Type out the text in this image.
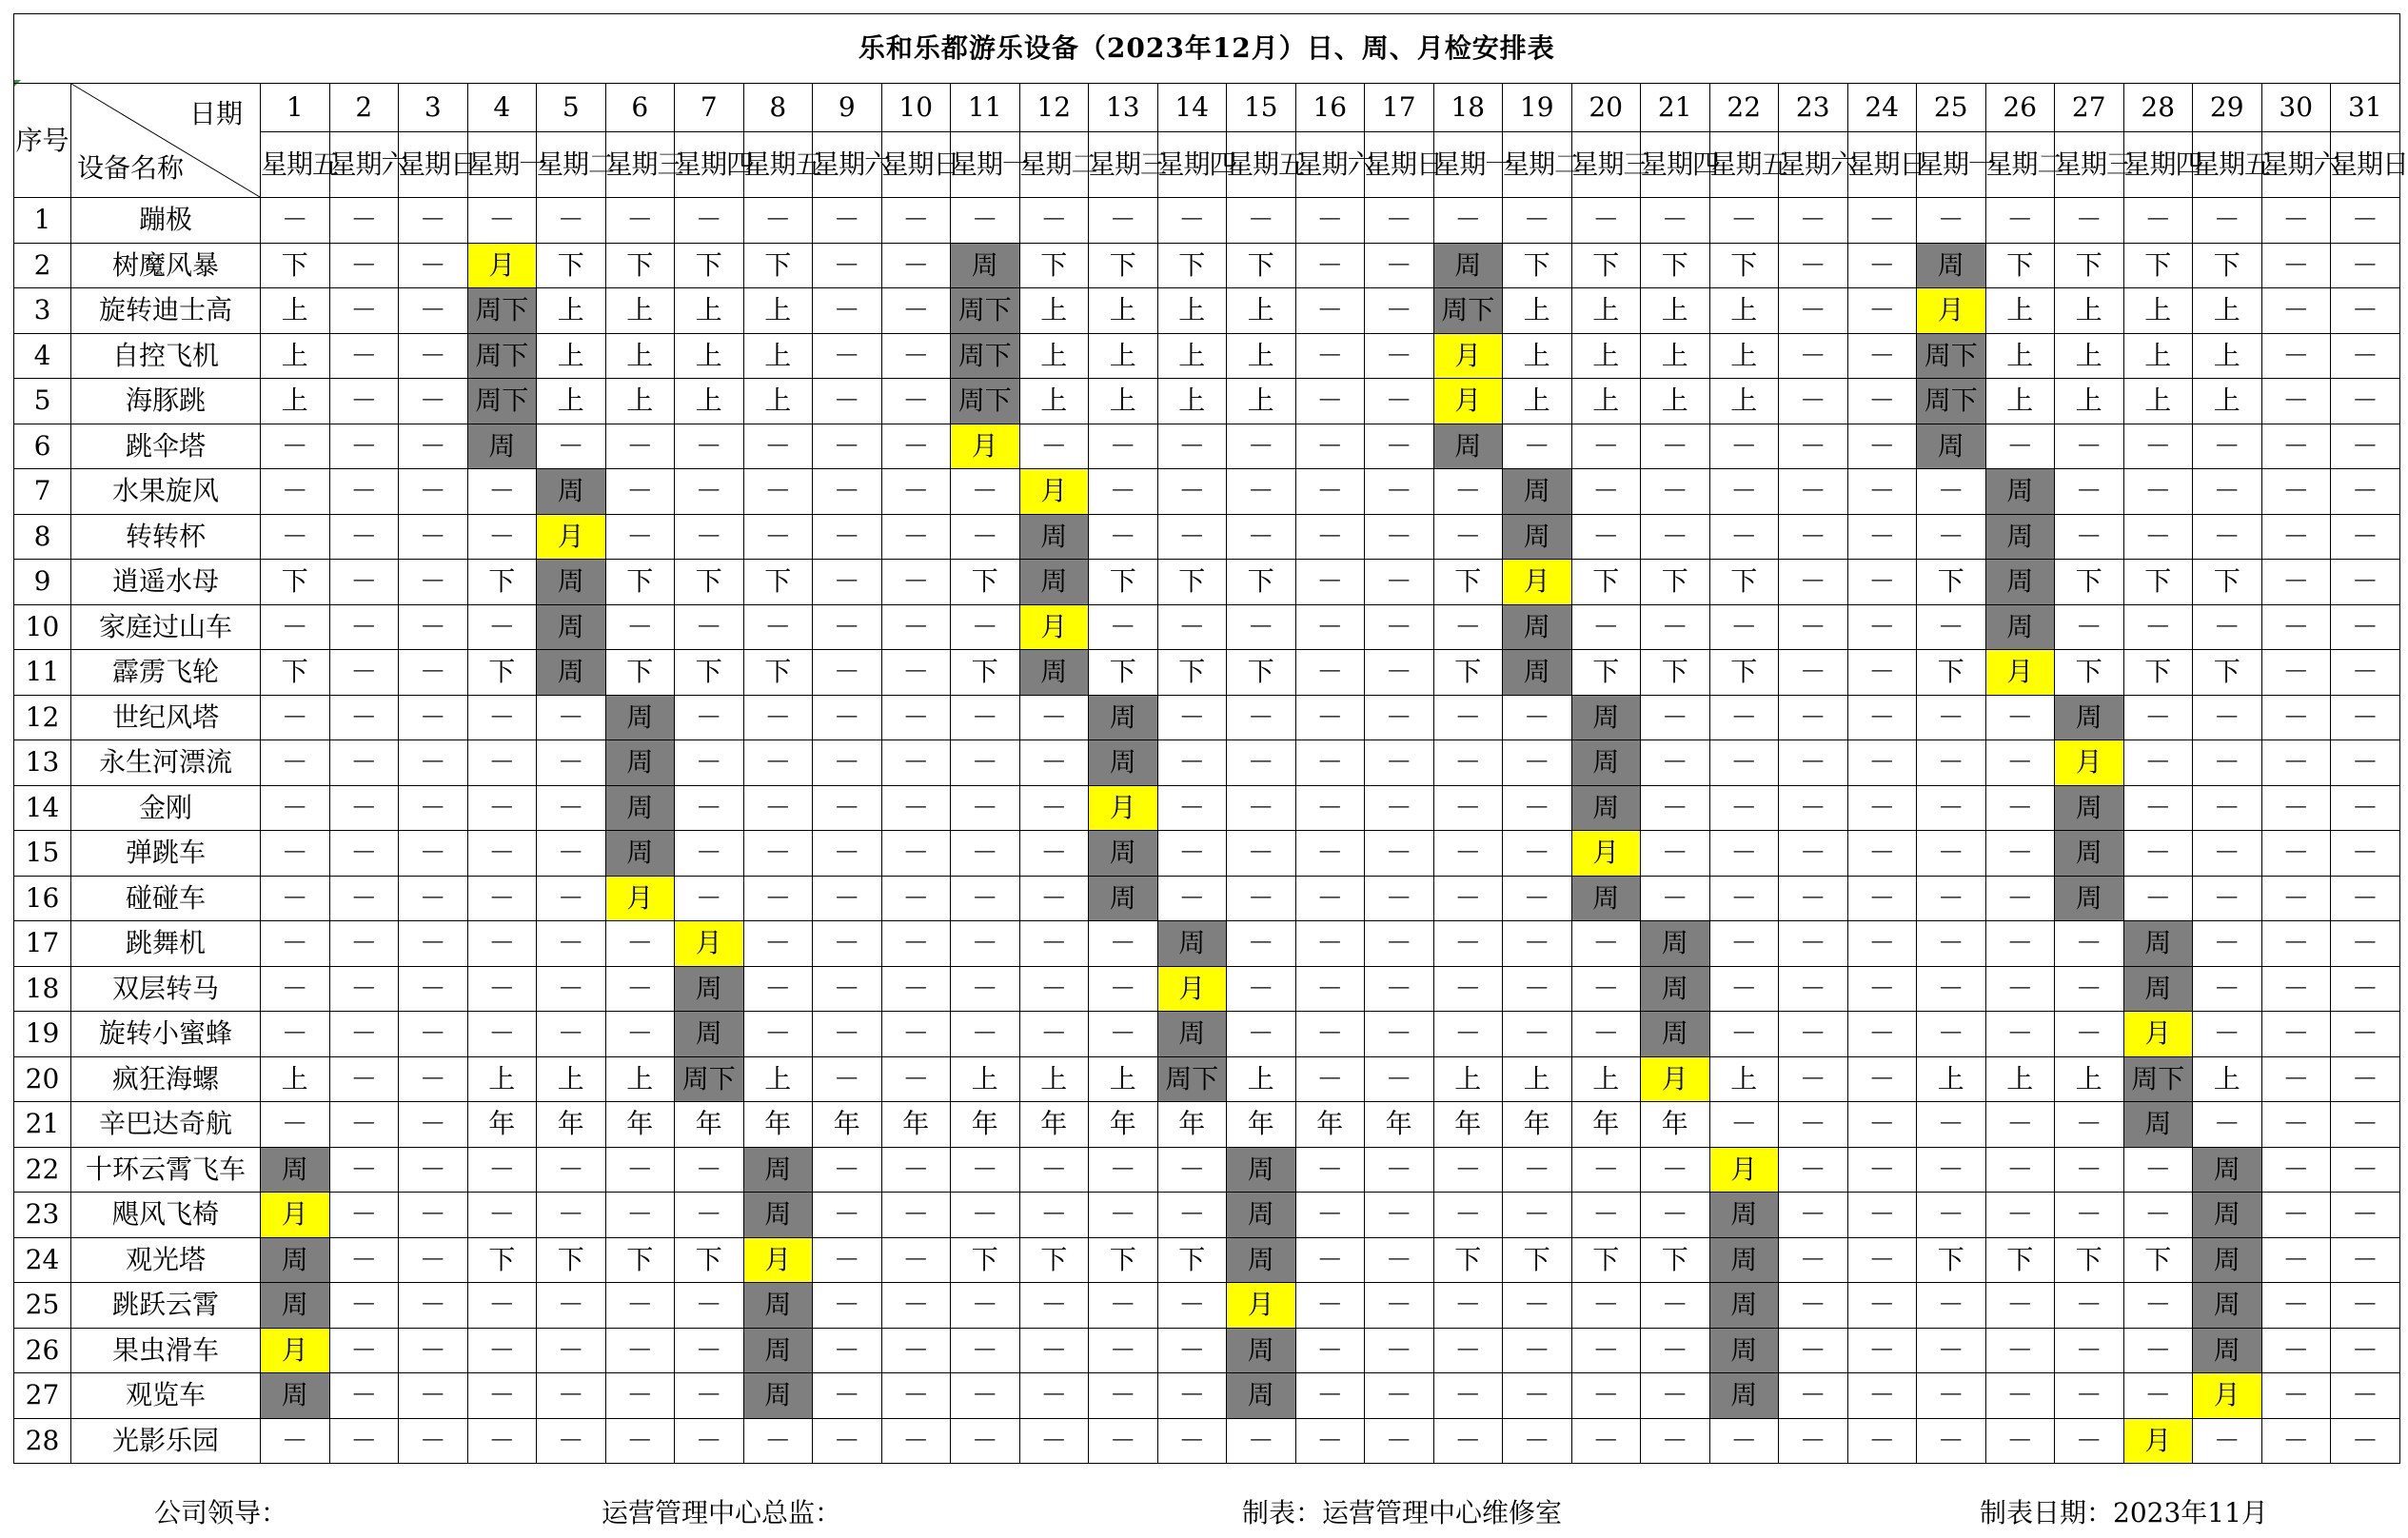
乐和乐都游乐设备（2023年12月）日、周、月检安排表																																
序号	日期
设备名称	1	2	3	4	5	6	7	8	9	10	11	12	13	14	15	16	17	18	19	20	21	22	23	24	25	26	27	28	29	30	31
		星期五	星期六	星期日	星期一	星期二	星期三	星期四	星期五	星期六	星期日	星期一	星期二	星期三	星期四	星期五	星期六	星期日	星期一	星期二	星期三	星期四	星期五	星期六	星期日	星期一	星期二	星期三	星期四	星期五	星期六	星期日
1	蹦极	－	－	－	－	－	－	－	－	－	－	－	－	－	－	－	－	－	－	－	－	－	－	－	－	－	－	－	－	－	－	－
2	树魔风暴	下	－	－	月	下	下	下	下	－	－	周	下	下	下	下	－	－	周	下	下	下	下	－	－	周	下	下	下	下	－	－
3	旋转迪士高	上	－	－	周下	上	上	上	上	－	－	周下	上	上	上	上	－	－	周下	上	上	上	上	－	－	月	上	上	上	上	－	－
4	自控飞机	上	－	－	周下	上	上	上	上	－	－	周下	上	上	上	上	－	－	月	上	上	上	上	－	－	周下	上	上	上	上	－	－
5	海豚跳	上	－	－	周下	上	上	上	上	－	－	周下	上	上	上	上	－	－	月	上	上	上	上	－	－	周下	上	上	上	上	－	－
6	跳伞塔	－	－	－	周	－	－	－	－	－	－	月	－	－	－	－	－	－	周	－	－	－	－	－	－	周	－	－	－	－	－	－
7	水果旋风	－	－	－	－	周	－	－	－	－	－	－	月	－	－	－	－	－	－	周	－	－	－	－	－	－	周	－	－	－	－	－
8	转转杯	－	－	－	－	月	－	－	－	－	－	－	周	－	－	－	－	－	－	周	－	－	－	－	－	－	周	－	－	－	－	－
9	逍遥水母	下	－	－	下	周	下	下	下	－	－	下	周	下	下	下	－	－	下	月	下	下	下	－	－	下	周	下	下	下	－	－
10	家庭过山车	－	－	－	－	周	－	－	－	－	－	－	月	－	－	－	－	－	－	周	－	－	－	－	－	－	周	－	－	－	－	－
11	霹雳飞轮	下	－	－	下	周	下	下	下	－	－	下	周	下	下	下	－	－	下	周	下	下	下	－	－	下	月	下	下	下	－	－
12	世纪风塔	－	－	－	－	－	周	－	－	－	－	－	－	周	－	－	－	－	－	－	周	－	－	－	－	－	－	周	－	－	－	－
13	永生河漂流	－	－	－	－	－	周	－	－	－	－	－	－	周	－	－	－	－	－	－	周	－	－	－	－	－	－	月	－	－	－	－
14	金刚	－	－	－	－	－	周	－	－	－	－	－	－	月	－	－	－	－	－	－	周	－	－	－	－	－	－	周	－	－	－	－
15	弹跳车	－	－	－	－	－	周	－	－	－	－	－	－	周	－	－	－	－	－	－	月	－	－	－	－	－	－	周	－	－	－	－
16	碰碰车	－	－	－	－	－	月	－	－	－	－	－	－	周	－	－	－	－	－	－	周	－	－	－	－	－	－	周	－	－	－	－
17	跳舞机	－	－	－	－	－	－	月	－	－	－	－	－	－	周	－	－	－	－	－	－	周	－	－	－	－	－	－	周	－	－	－
18	双层转马	－	－	－	－	－	－	周	－	－	－	－	－	－	月	－	－	－	－	－	－	周	－	－	－	－	－	－	周	－	－	－
19	旋转小蜜蜂	－	－	－	－	－	－	周	－	－	－	－	－	－	周	－	－	－	－	－	－	周	－	－	－	－	－	－	月	－	－	－
20	疯狂海螺	上	－	－	上	上	上	周下	上	－	－	上	上	上	周下	上	－	－	上	上	上	月	上	－	－	上	上	上	周下	上	－	－
21	辛巴达奇航	－	－	－	年	年	年	年	年	年	年	年	年	年	年	年	年	年	年	年	年	年	－	－	－	－	－	－	周	－	－	－
22	十环云霄飞车	周	－	－	－	－	－	－	周	－	－	－	－	－	－	周	－	－	－	－	－	－	月	－	－	－	－	－	－	周	－	－
23	飓风飞椅	月	－	－	－	－	－	－	周	－	－	－	－	－	－	周	－	－	－	－	－	－	周	－	－	－	－	－	－	周	－	－
24	观光塔	周	－	－	下	下	下	下	月	－	－	下	下	下	下	周	－	－	下	下	下	下	周	－	－	下	下	下	下	周	－	－
25	跳跃云霄	周	－	－	－	－	－	－	周	－	－	－	－	－	－	月	－	－	－	－	－	－	周	－	－	－	－	－	－	周	－	－
26	果虫滑车	月	－	－	－	－	－	－	周	－	－	－	－	－	－	周	－	－	－	－	－	－	周	－	－	－	－	－	－	周	－	－
27	观览车	周	－	－	－	－	－	－	周	－	－	－	－	－	－	周	－	－	－	－	－	－	周	－	－	－	－	－	－	月	－	－
28	光影乐园	－	－	－	－	－	－	－	－	－	－	－	－	－	－	－	－	－	－	－	－	－	－	－	－	－	－	－	月	－	－	－
公司领导：	运营管理中心总监：	制表：运营管理中心维修室	制表日期：2023年11月
